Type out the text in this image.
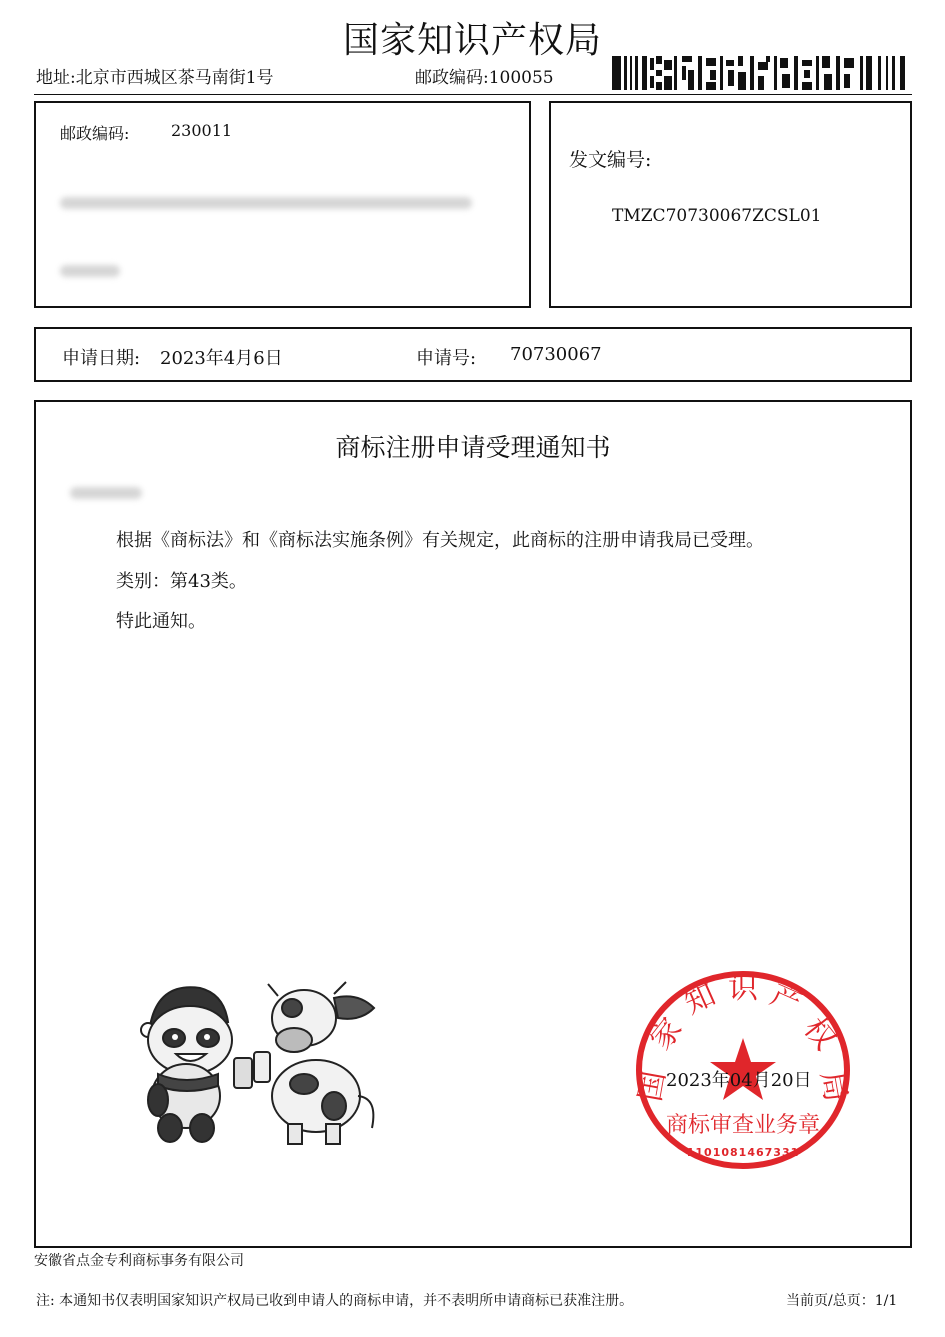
国家知识产权局
地址:北京市西城区茶马南街1号	邮政编码:100055
邮政编码:	230011
发文编号:
TMZC70730067ZCSL01
申请日期: 2023年4月6日	申请号: 70730067
商标注册申请受理通知书
根据《商标法》和《商标法实施条例》有关规定，此商标的注册申请我局已受理。
类别：第43类。
特此通知。
国
家
知 识 产
权
局
商标审查业务章
1101081467331
2023年04月20日
安徽省点金专利商标事务有限公司
注: 本通知书仅表明国家知识产权局已收到申请人的商标申请，并不表明所申请商标已获准注册。	当前页/总页：1/1
